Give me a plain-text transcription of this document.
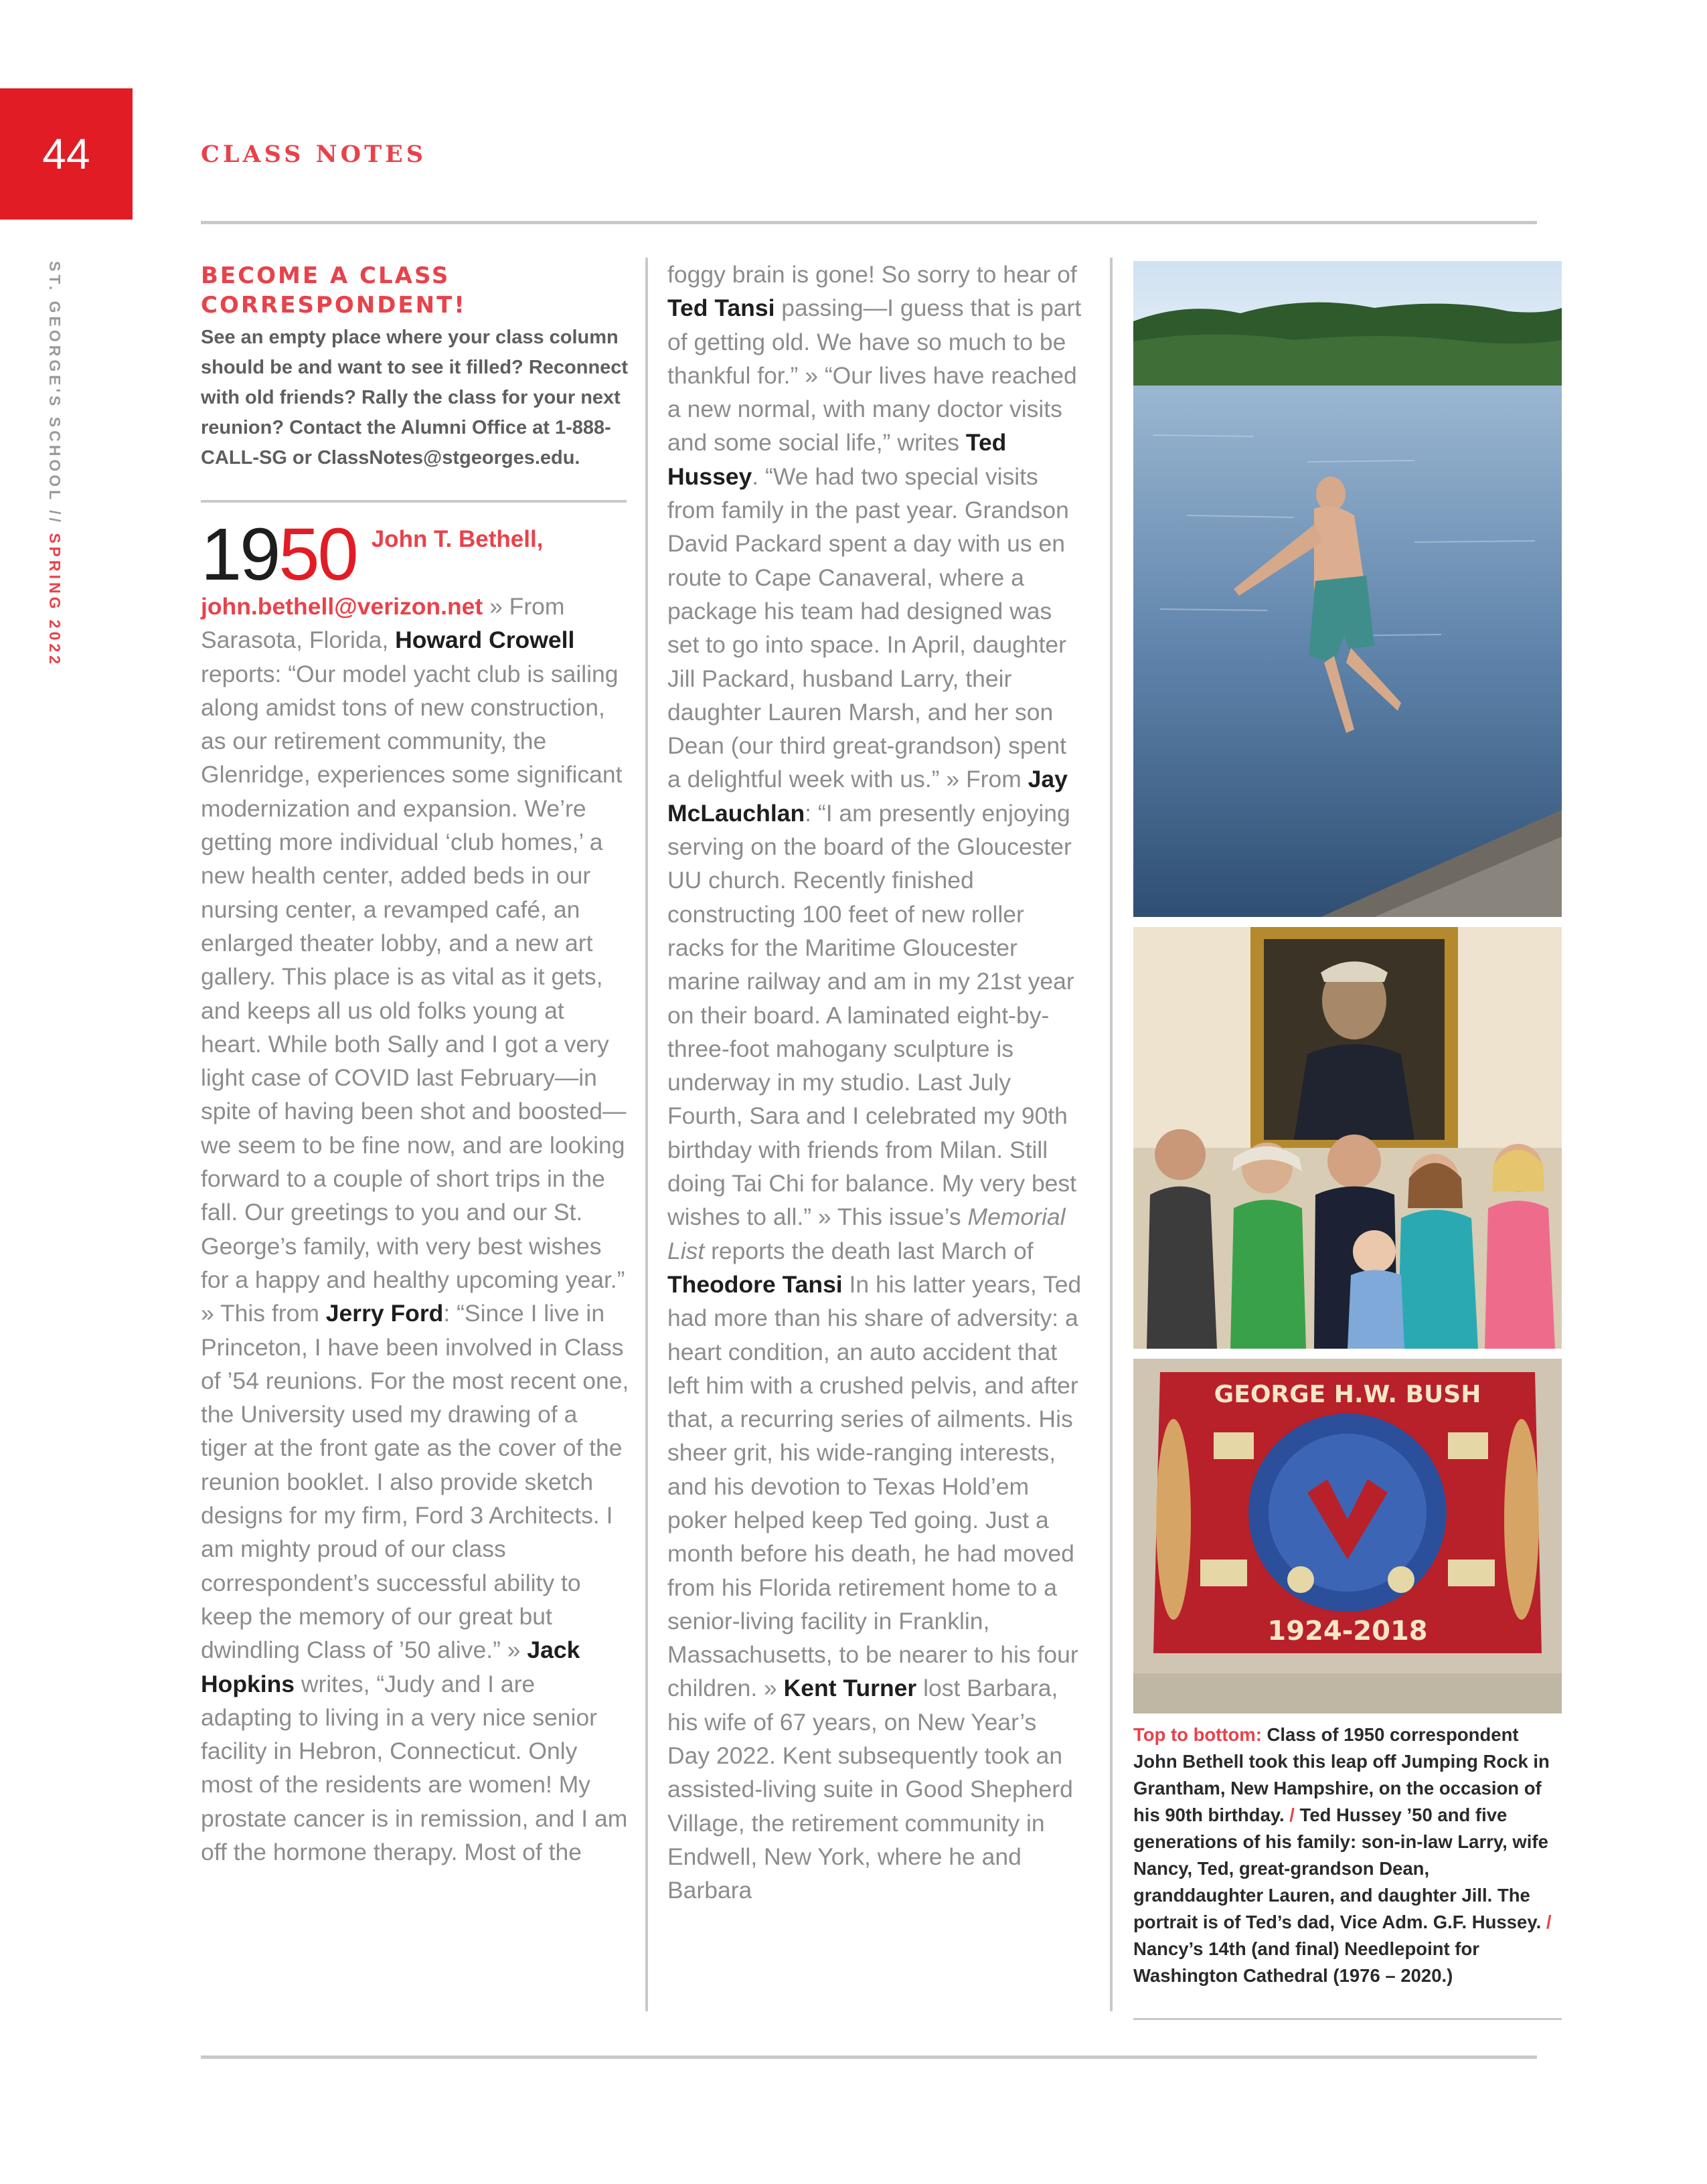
44	CLASS NOTES
ST. GEORGE'S SCHOOL // SPRING 2022
BECOME A CLASS CORRESPONDENT!
See an empty place where your class column should be and want to see it filled? Reconnect with old friends? Rally the class for your next reunion? Contact the Alumni Office at 1-888-CALL-SG or ClassNotes@stgeorges.edu.
1950 John T. Bethell,
john.bethell@verizon.net » From Sarasota, Florida, Howard Crowell reports: “Our model yacht club is sailing along amidst tons of new construction, as our retirement community, the Glenridge, experiences some significant modernization and expansion. We’re getting more individual ‘club homes,’ a new health center, added beds in our nursing center, a revamped café, an enlarged theater lobby, and a new art gallery. This place is as vital as it gets, and keeps all us old folks young at heart. While both Sally and I got a very light case of COVID last February—in spite of having been shot and boosted—we seem to be fine now, and are looking forward to a couple of short trips in the fall. Our greetings to you and our St. George’s family, with very best wishes for a happy and healthy upcoming year.” » This from Jerry Ford: “Since I live in Princeton, I have been involved in Class of ’54 reunions. For the most recent one, the University used my drawing of a tiger at the front gate as the cover of the reunion booklet. I also provide sketch designs for my firm, Ford 3 Architects. I am mighty proud of our class correspondent’s successful ability to keep the memory of our great but dwindling Class of ’50 alive.” » Jack Hopkins writes, “Judy and I are adapting to living in a very nice senior facility in Hebron, Connecticut. Only most of the residents are women! My prostate cancer is in remission, and I am off the hormone therapy. Most of the
foggy brain is gone! So sorry to hear of Ted Tansi passing—I guess that is part of getting old. We have so much to be thankful for.” » “Our lives have reached a new normal, with many doctor visits and some social life,” writes Ted Hussey. “We had two special visits from family in the past year. Grandson David Packard spent a day with us en route to Cape Canaveral, where a package his team had designed was set to go into space. In April, daughter Jill Packard, husband Larry, their daughter Lauren Marsh, and her son Dean (our third great-grandson) spent a delightful week with us.” » From Jay McLauchlan: “I am presently enjoying serving on the board of the Gloucester UU church. Recently finished constructing 100 feet of new roller racks for the Maritime Gloucester marine railway and am in my 21st year on their board. A laminated eight-by-three-foot mahogany sculpture is underway in my studio. Last July Fourth, Sara and I celebrated my 90th birthday with friends from Milan. Still doing Tai Chi for balance. My very best wishes to all.” » This issue’s Memorial List reports the death last March of Theodore Tansi In his latter years, Ted had more than his share of adversity: a heart condition, an auto accident that left him with a crushed pelvis, and after that, a recurring series of ailments. His sheer grit, his wide-ranging interests, and his devotion to Texas Hold’em poker helped keep Ted going. Just a month before his death, he had moved from his Florida retirement home to a senior-living facility in Franklin, Massachusetts, to be nearer to his four children. » Kent Turner lost Barbara, his wife of 67 years, on New Year’s Day 2022. Kent subsequently took an assisted-living suite in Good Shepherd Village, the retirement community in Endwell, New York, where he and Barbara
GEORGE H.W. BUSH
1924-2018
Top to bottom: Class of 1950 correspondent John Bethell took this leap off Jumping Rock in Grantham, New Hampshire, on the occasion of his 90th birthday. / Ted Hussey ’50 and five generations of his family: son-in-law Larry, wife Nancy, Ted, great-grandson Dean, granddaughter Lauren, and daughter Jill. The portrait is of Ted’s dad, Vice Adm. G.F. Hussey. / Nancy’s 14th (and final) Needlepoint for Washington Cathedral (1976 – 2020.)
